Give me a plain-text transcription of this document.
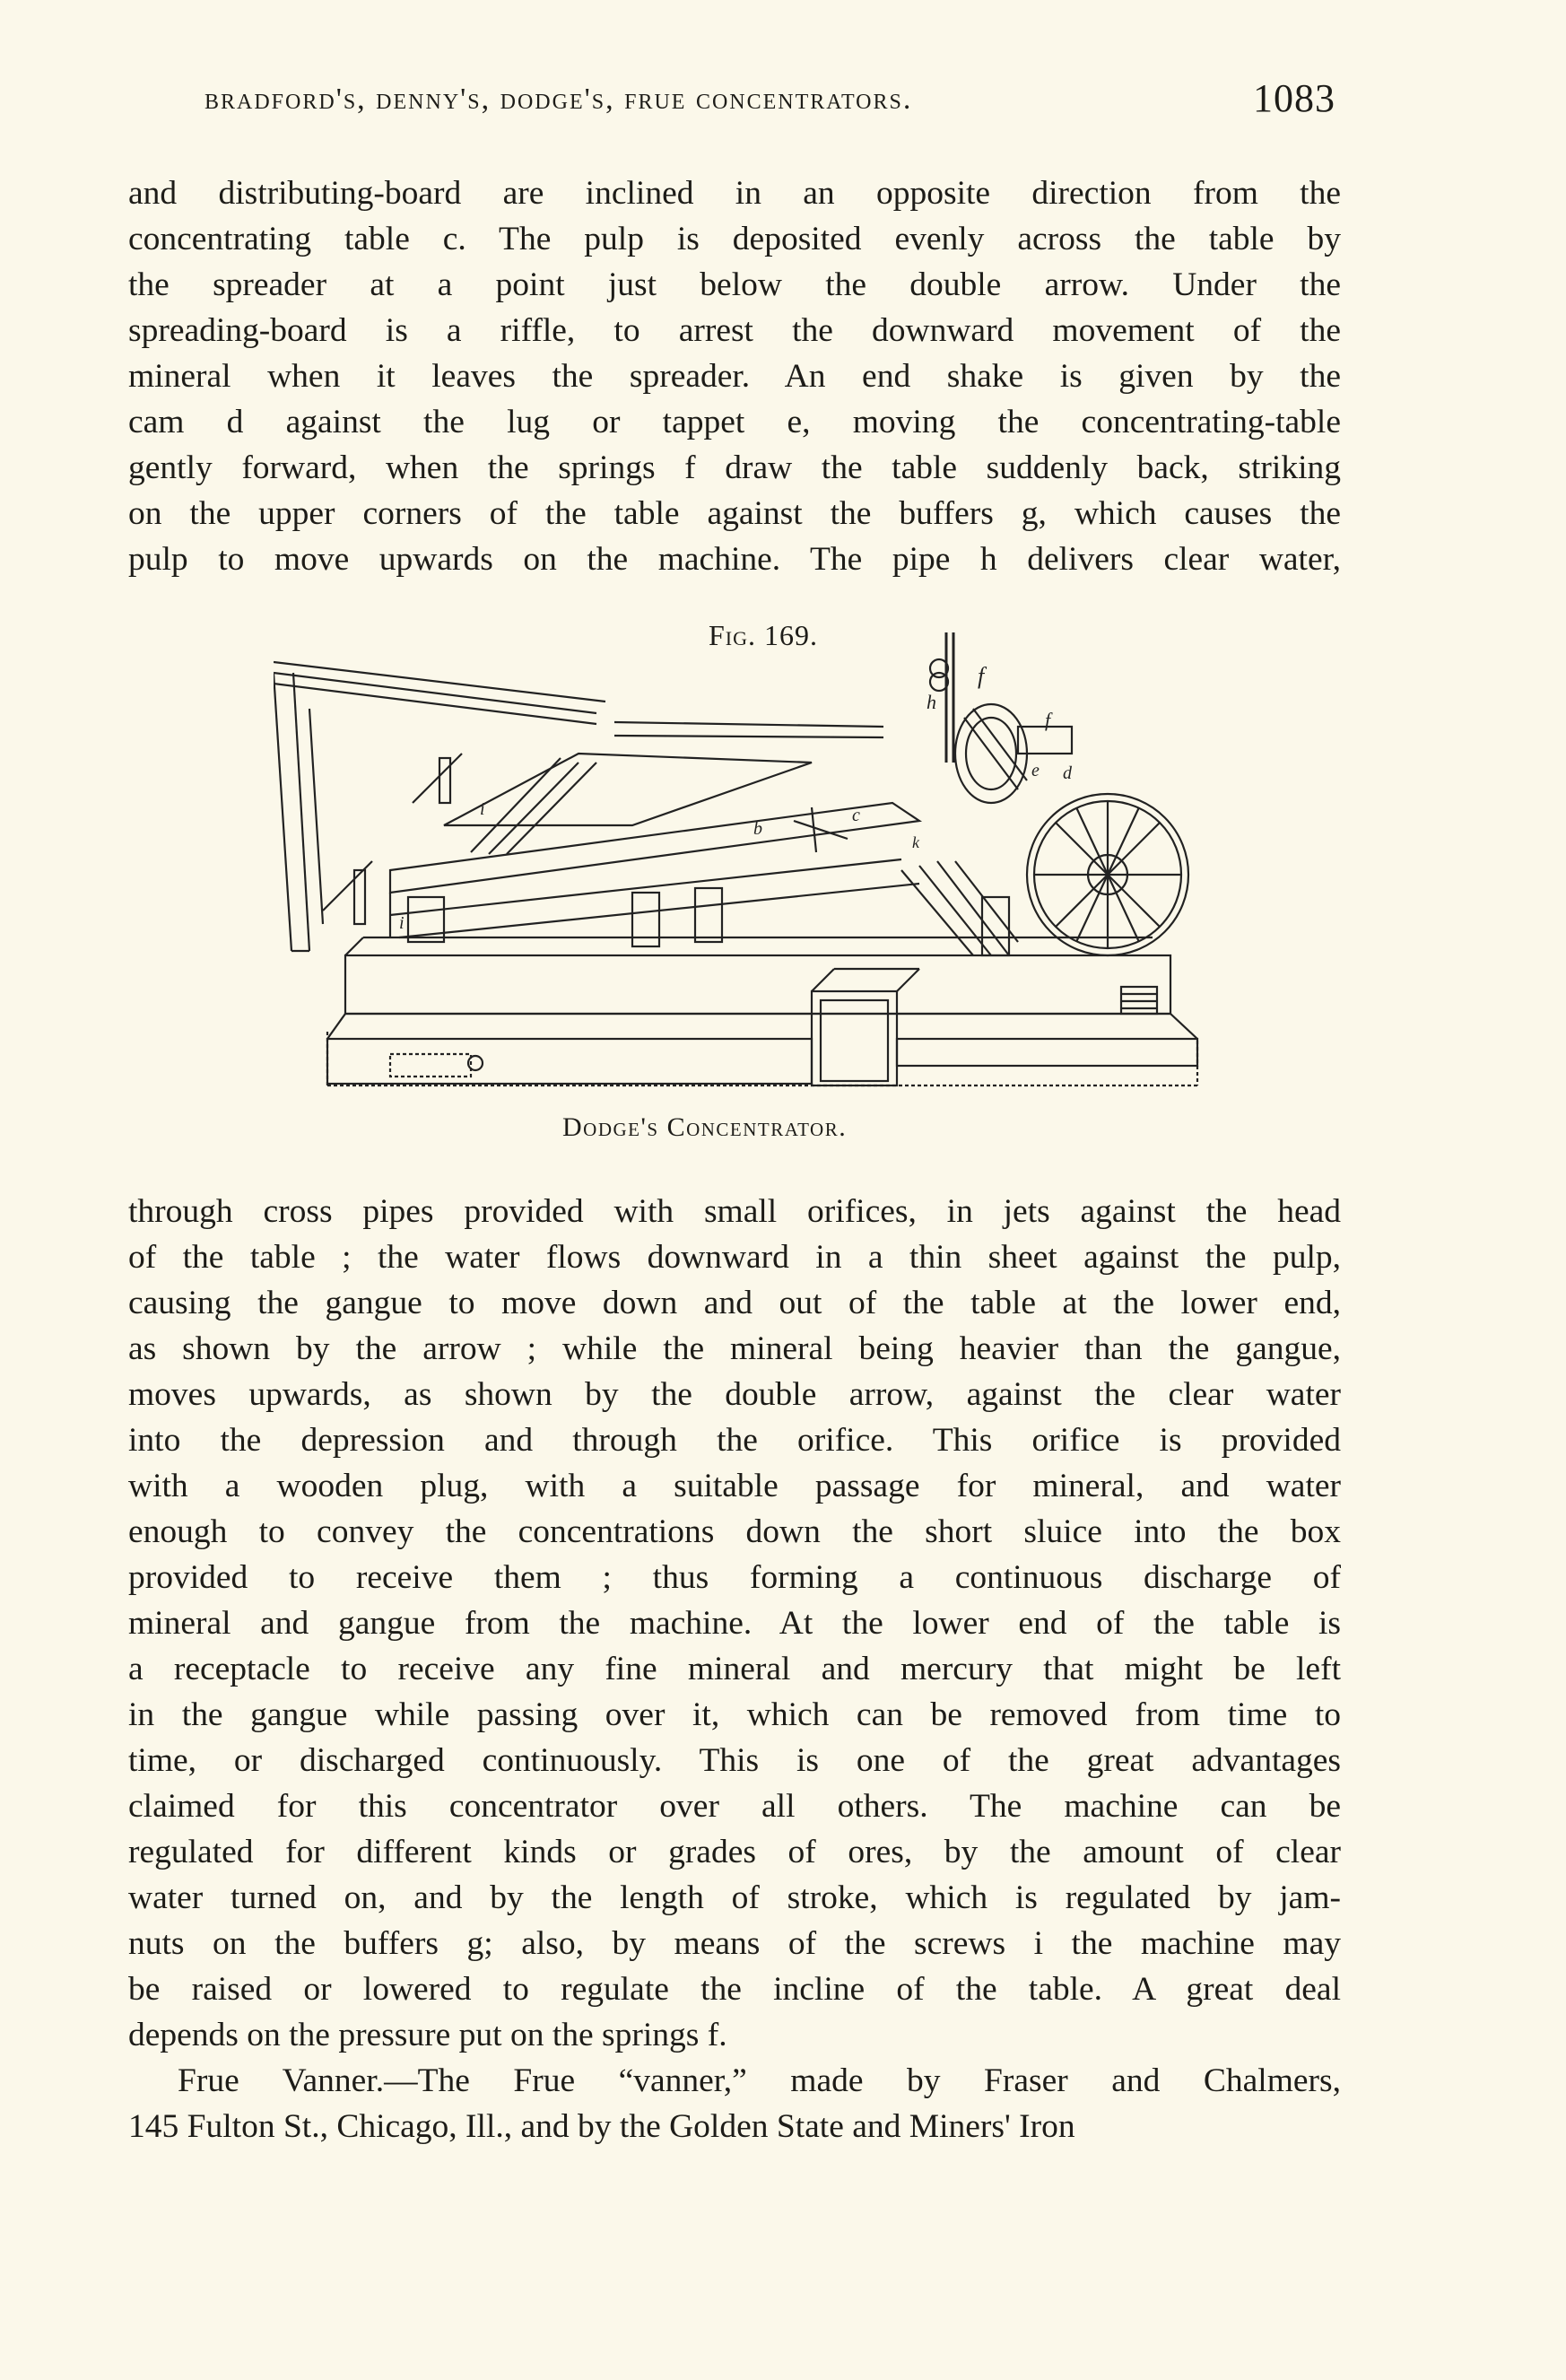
bradford's, denny's, dodge's, frue concentrators.	1083
and distributing-board are inclined in an opposite direction from the
concentrating table c. The pulp is deposited evenly across the table by
the spreader at a point just below the double arrow. Under the
spreading-board is a riffle, to arrest the downward movement of the
mineral when it leaves the spreader. An end shake is given by the
cam d against the lug or tappet e, moving the concentrating-table
gently forward, when the springs f draw the table suddenly back, striking
on the upper corners of the table against the buffers g, which causes the
pulp to move upwards on the machine. The pipe h delivers clear water,
Fig. 169.
h
f
f
b
c
e d
i
i
k
Dodge's Concentrator.
through cross pipes provided with small orifices, in jets against the head
of the table ; the water flows downward in a thin sheet against the pulp,
causing the gangue to move down and out of the table at the lower end,
as shown by the arrow ; while the mineral being heavier than the gangue,
moves upwards, as shown by the double arrow, against the clear water
into the depression and through the orifice. This orifice is provided
with a wooden plug, with a suitable passage for mineral, and water
enough to convey the concentrations down the short sluice into the box
provided to receive them ; thus forming a continuous discharge of
mineral and gangue from the machine. At the lower end of the table is
a receptacle to receive any fine mineral and mercury that might be left
in the gangue while passing over it, which can be removed from time to
time, or discharged continuously. This is one of the great advantages
claimed for this concentrator over all others. The machine can be
regulated for different kinds or grades of ores, by the amount of clear
water turned on, and by the length of stroke, which is regulated by jam-
nuts on the buffers g; also, by means of the screws i the machine may
be raised or lowered to regulate the incline of the table. A great deal
depends on the pressure put on the springs f.
Frue Vanner.—The Frue “vanner,” made by Fraser and Chalmers,
145 Fulton St., Chicago, Ill., and by the Golden State and Miners' Iron
